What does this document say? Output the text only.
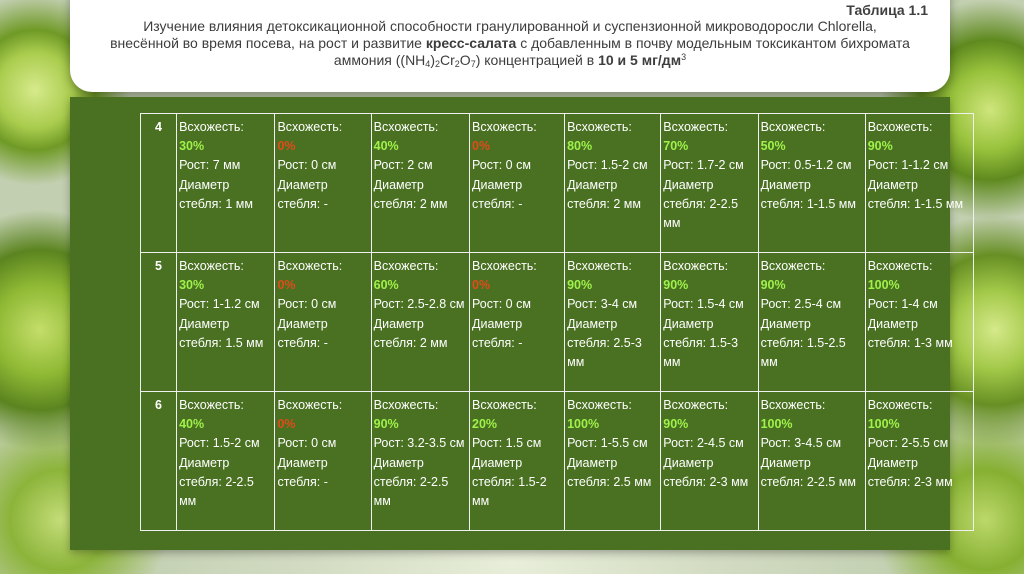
Таблица 1.1
Изучение влияния детоксикационной способности гранулированной и суспензионной микроводоросли Chlorella, внесённой во время посева, на рост и развитие кресс-салата с добавленным в почву модельным токсикантом бихромата аммония $((NH_4)_2Cr_2O_7)$ концентрацией в 10 и 5 $мг/дм^3$
4	Всхожесть:
30%
Рост: 7 мм
Диаметр
стебля: 1 мм	Всхожесть:
0%
Рост: 0 см
Диаметр
стебля: -	Всхожесть:
40%
Рост: 2 см
Диаметр
стебля: 2 мм	Всхожесть:
0%
Рост: 0 см
Диаметр
стебля: -	Всхожесть:
80%
Рост: 1.5-2 см
Диаметр
стебля: 2 мм	Всхожесть:
70%
Рост: 1.7-2 см
Диаметр
стебля: 2-2.5 мм	Всхожесть:
50%
Рост: 0.5-1.2 см
Диаметр
стебля: 1-1.5 мм	Всхожесть:
90%
Рост: 1-1.2 см
Диаметр
стебля: 1-1.5 мм

5	Всхожесть:
30%
Рост: 1-1.2 см
Диаметр
стебля: 1.5 мм	Всхожесть:
0%
Рост: 0 см
Диаметр
стебля: -	Всхожесть:
60%
Рост: 2.5-2.8 см
Диаметр
стебля: 2 мм	Всхожесть:
0%
Рост: 0 см
Диаметр
стебля: -	Всхожесть:
90%
Рост: 3-4 см
Диаметр
стебля: 2.5-3 мм	Всхожесть:
90%
Рост: 1.5-4 см
Диаметр
стебля: 1.5-3 мм	Всхожесть:
90%
Рост: 2.5-4 см
Диаметр
стебля: 1.5-2.5 мм	Всхожесть:
100%
Рост: 1-4 см
Диаметр
стебля: 1-3 мм

6	Всхожесть:
40%
Рост: 1.5-2 см
Диаметр
стебля: 2-2.5 мм	Всхожесть:
0%
Рост: 0 см
Диаметр
стебля: -	Всхожесть:
90%
Рост: 3.2-3.5 см
Диаметр
стебля: 2-2.5 мм	Всхожесть:
20%
Рост: 1.5 см
Диаметр
стебля: 1.5-2 мм	Всхожесть:
100%
Рост: 1-5.5 см
Диаметр
стебля: 2.5 мм	Всхожесть:
90%
Рост: 2-4.5 см
Диаметр
стебля: 2-3 мм	Всхожесть:
100%
Рост: 3-4.5 см
Диаметр
стебля: 2-2.5 мм	Всхожесть:
100%
Рост: 2-5.5 см
Диаметр
стебля: 2-3 мм
